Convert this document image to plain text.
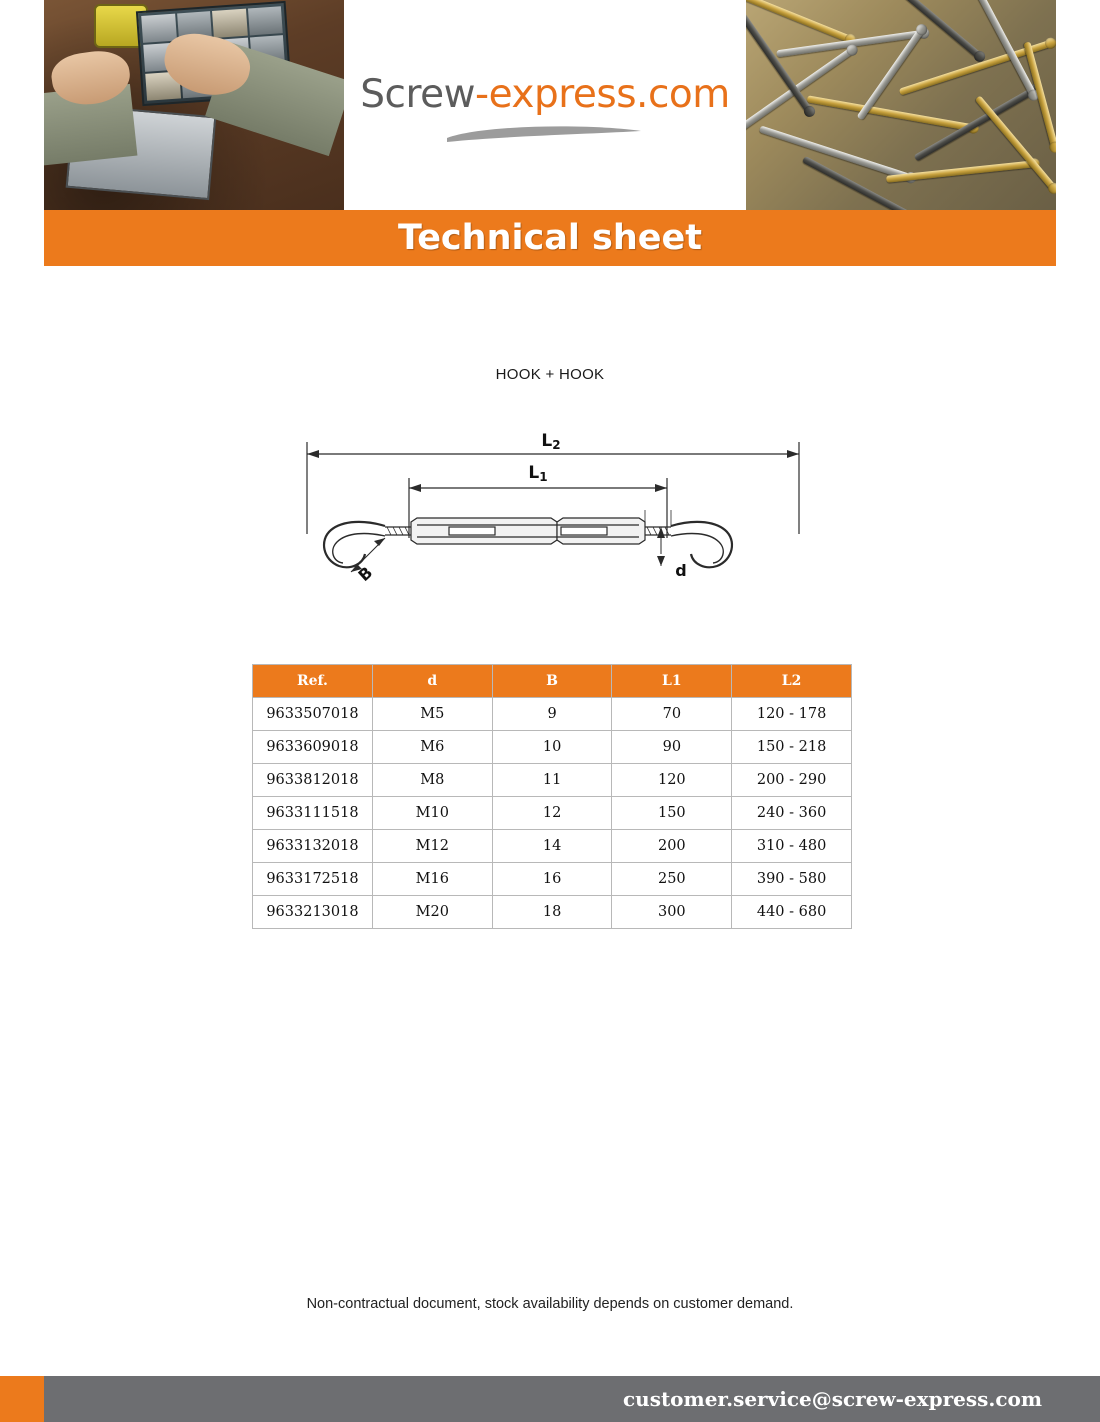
Screw-express.com
Technical sheet
HOOK + HOOK
L2
L1
B	d
Ref.	d	B	L1	L2
9633507018	M5	9	70	120 - 178
9633609018	M6	10	90	150 - 218
9633812018	M8	11	120	200 - 290
9633111518	M10	12	150	240 - 360
9633132018	M12	14	200	310 - 480
9633172518	M16	16	250	390 - 580
9633213018	M20	18	300	440 - 680
Non-contractual document, stock availability depends on customer demand.
customer.service@screw-express.com
